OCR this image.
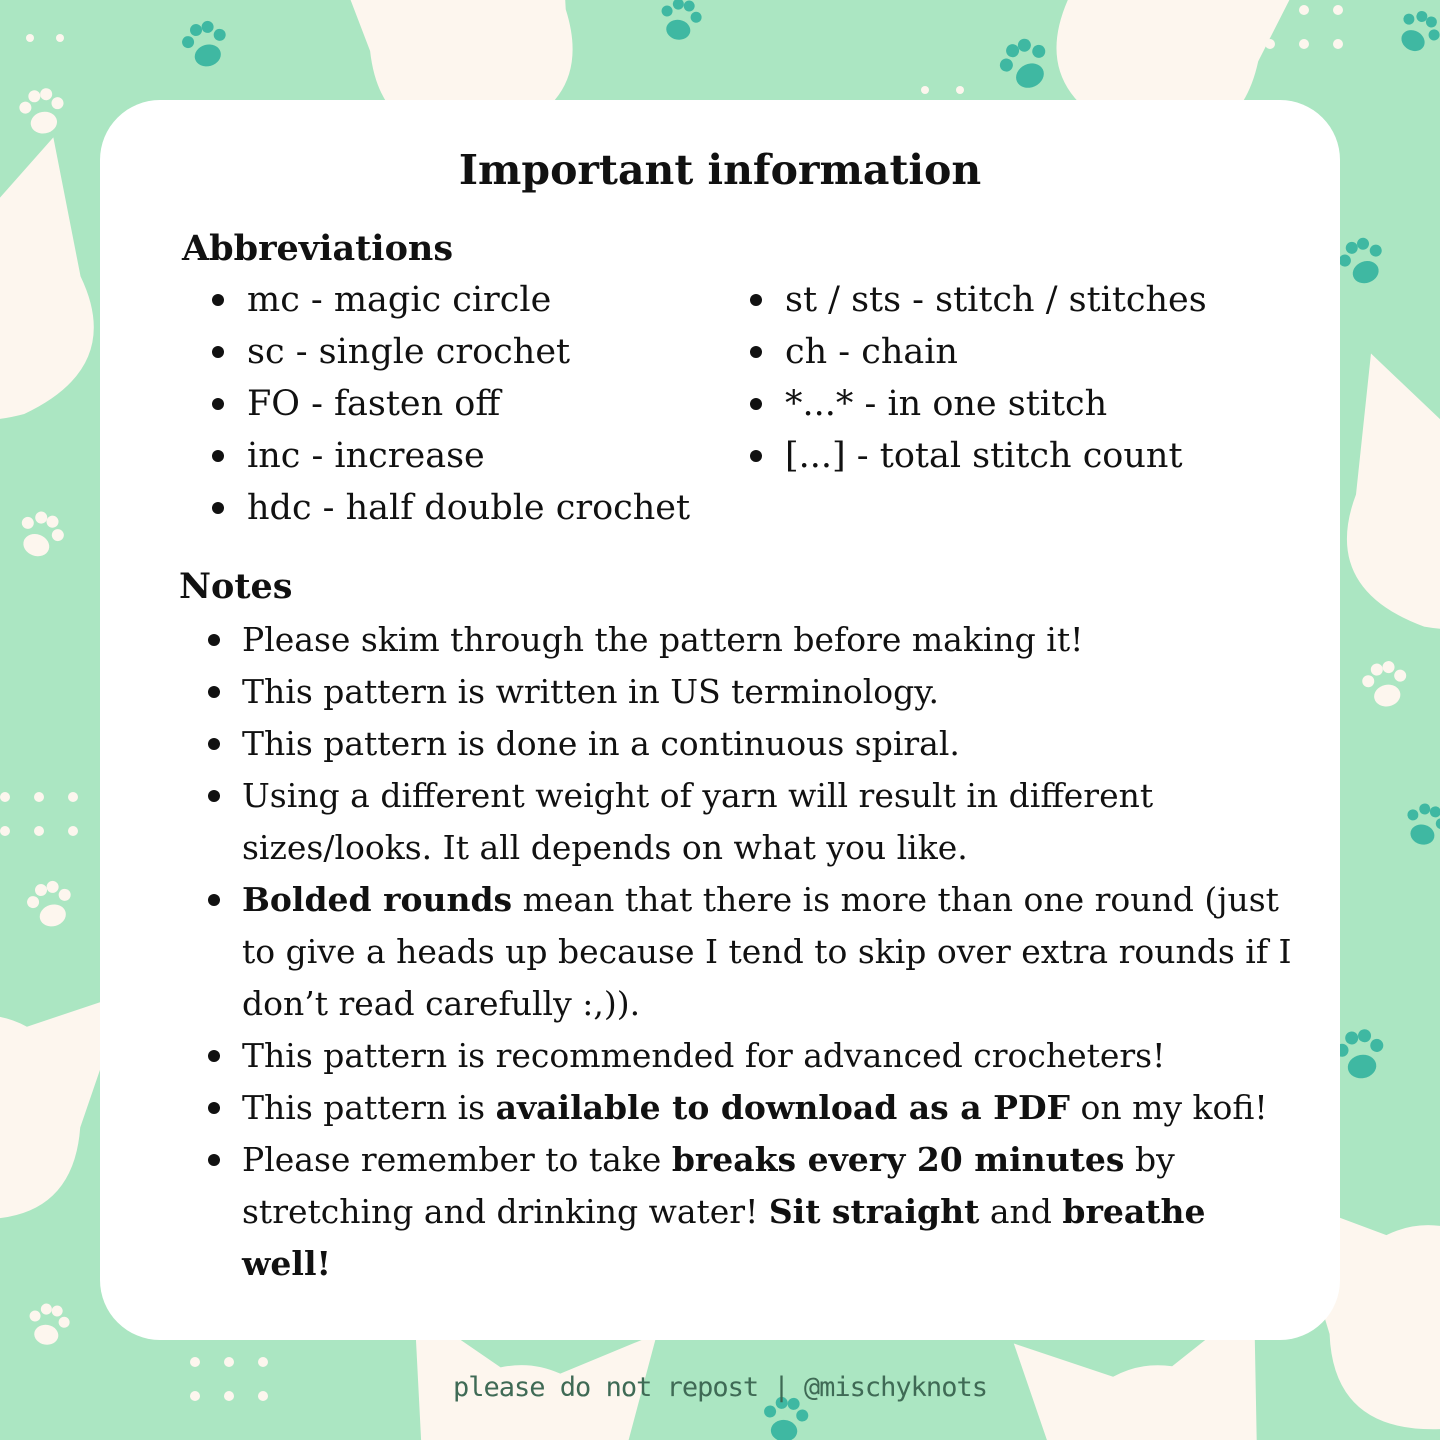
Important information
Abbreviations
mc - magic circle
sc - single crochet
FO - fasten off
inc - increase
hdc - half double crochet
st / sts - stitch / stitches
ch - chain
*...* - in one stitch
[...] - total stitch count
Notes
Please skim through the pattern before making it!
This pattern is written in US terminology.
This pattern is done in a continuous spiral.
Using a different weight of yarn will result in different sizes/looks. It all depends on what you like.
Bolded rounds mean that there is more than one round (just to give a heads up because I tend to skip over extra rounds if I don’t read carefully :,)).
This pattern is recommended for advanced crocheters!
This pattern is available to download as a PDF on my kofi!
Please remember to take breaks every 20 minutes by stretching and drinking water! Sit straight and breathe well!
please do not repost | @mischyknots
